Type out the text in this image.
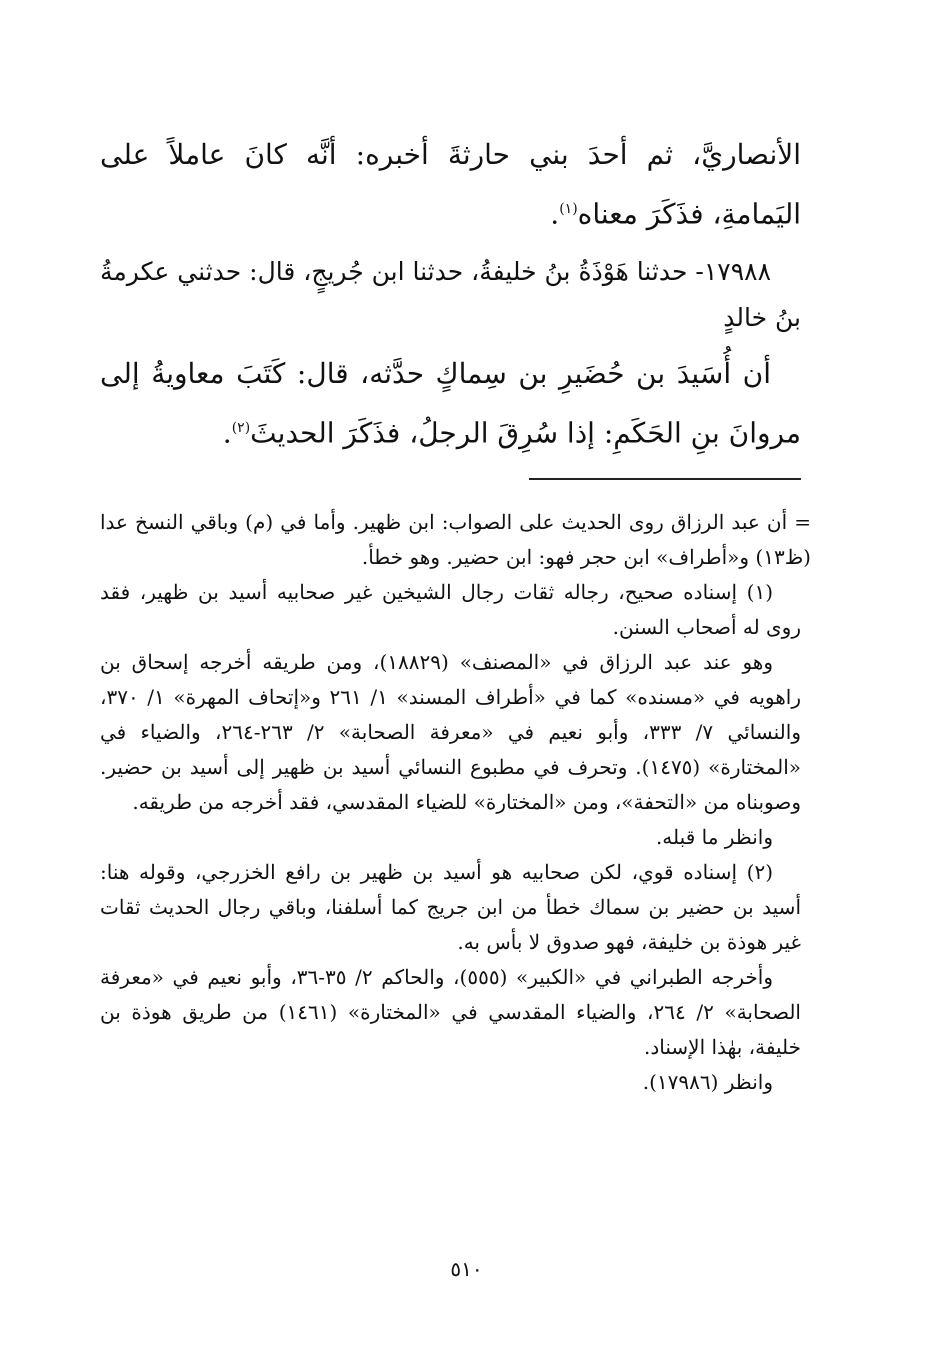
الأنصاريَّ، ثم أحدَ بني حارثةَ أخبره: أنَّه كانَ عاملاً على اليَمامةِ، فذَكَرَ معناه$^{(١)}$.

١٧٩٨٨- حدثنا هَوْذَةُ بنُ خليفةُ، حدثنا ابن جُريجٍ، قال: حدثني عكرمةُ بنُ خالدٍ

أن أُسَيدَ بن حُضَيرِ بن سِماكٍ حدَّثه، قال: كَتَبَ معاويةُ إلى مروانَ بنِ الحَكَمِ: إذا سُرِقَ الرجلُ، فذَكَرَ الحديثَ$^{(٢)}$.

= أن عبد الرزاق روى الحديث على الصواب: ابن ظهير. وأما في (م) وباقي النسخ عدا (ظ١٣) و«أطراف» ابن حجر فهو: ابن حضير. وهو خطأ.

(١) إسناده صحيح، رجاله ثقات رجال الشيخين غير صحابيه أسيد بن ظهير، فقد روى له أصحاب السنن.

وهو عند عبد الرزاق في «المصنف» (١٨٨٢٩)، ومن طريقه أخرجه إسحاق بن راهويه في «مسنده» كما في «أطراف المسند» ١/ ٢٦١ و«إتحاف المهرة» ١/ ٣٧٠، والنسائي ٧/ ٣٣٣، وأبو نعيم في «معرفة الصحابة» ٢/ ٢٦٣-٢٦٤، والضياء في «المختارة» (١٤٧٥). وتحرف في مطبوع النسائي أسيد بن ظهير إلى أسيد بن حضير. وصوبناه من «التحفة»، ومن «المختارة» للضياء المقدسي، فقد أخرجه من طريقه.

وانظر ما قبله.

(٢) إسناده قوي، لكن صحابيه هو أسيد بن ظهير بن رافع الخزرجي، وقوله هنا: أسيد بن حضير بن سماك خطأ من ابن جريج كما أسلفنا، وباقي رجال الحديث ثقات غير هوذة بن خليفة، فهو صدوق لا بأس به.

وأخرجه الطبراني في «الكبير» (٥٥٥)، والحاكم ٢/ ٣٥-٣٦، وأبو نعيم في «معرفة الصحابة» ٢/ ٢٦٤، والضياء المقدسي في «المختارة» (١٤٦١) من طريق هوذة بن خليفة، بهٰذا الإسناد.

وانظر (١٧٩٨٦).

٥١٠
